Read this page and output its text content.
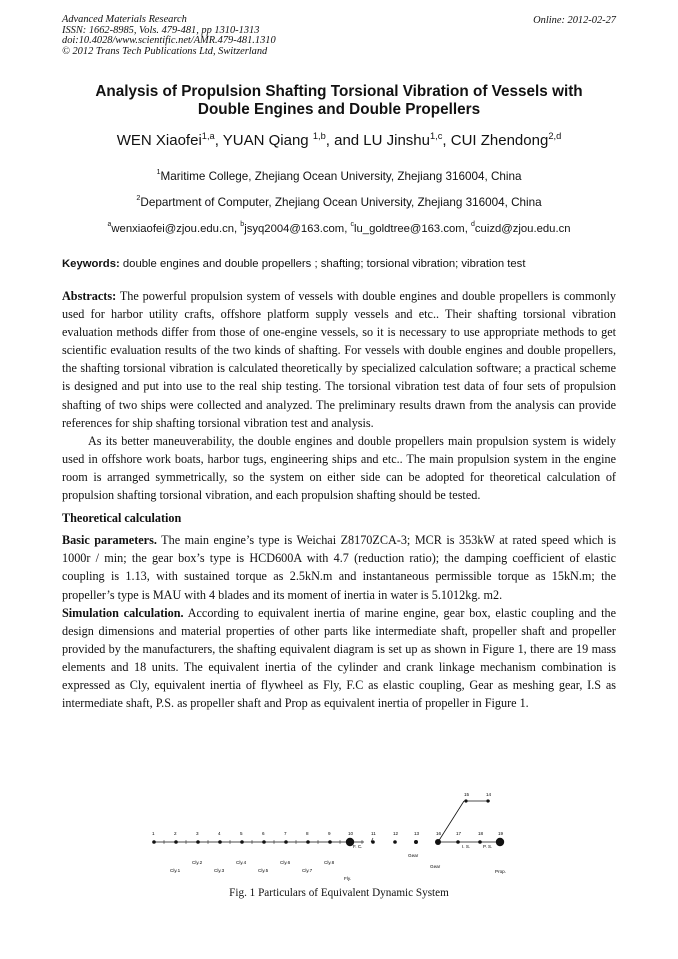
Advanced Materials Research
ISSN: 1662-8985, Vols. 479-481, pp 1310-1313
doi:10.4028/www.scientific.net/AMR.479-481.1310
© 2012 Trans Tech Publications Ltd, Switzerland
Online: 2012-02-27
Analysis of Propulsion Shafting Torsional Vibration of Vessels with
Double Engines and Double Propellers
WEN Xiaofei$^{1,a}$, YUAN Qiang $^{1,b}$, and LU Jinshu$^{1,c}$, CUI Zhendong$^{2,d}$
$^1$Maritime College, Zhejiang Ocean University, Zhejiang 316004, China
$^2$Department of Computer, Zhejiang Ocean University, Zhejiang 316004, China
$^a$wenxiaofei@zjou.edu.cn, $^b$jsyq2004@163.com, $^c$lu_goldtree@163.com, $^d$cuizd@zjou.edu.cn
Keywords: double engines and double propellers ; shafting; torsional vibration; vibration test

Abstracts: The powerful propulsion system of vessels with double engines and double propellers is commonly used for harbor utility crafts, offshore platform supply vessels and etc.. Their shafting torsional vibration evaluation methods differ from those of one-engine vessels, so it is necessary to use appropriate methods to get scientific evaluation results of the two kinds of shafting. For vessels with double engines and double propellers, the shafting torsional vibration is calculated theoretically by specialized calculation software; a practical scheme is designed and put into use to the real ship testing. The torsional vibration test data of four sets of propulsion shafting of two ships were collected and analyzed. The preliminary results drawn from the analysis can provide references for ship shafting torsional vibration test and analysis.

As its better maneuverability, the double engines and double propellers main propulsion system is widely used in offshore work boats, harbor tugs, engineering ships and etc.. The main propulsion system in the engine room is arranged symmetrically, so the system on either side can be adopted for theoretical calculation of propulsion shafting torsional vibration, and each propulsion shafting should be tested.

Theoretical calculation

Basic parameters. The main engine’s type is Weichai Z8170ZCA-3; MCR is 353kW at rated speed which is 1000r / min; the gear box’s type is HCD600A with 4.7 (reduction ratio); the damping coefficient of elastic coupling is 1.13, with sustained torque as 2.5kN.m and instantaneous permissible torque as 15kN.m; the propeller’s type is MAU with 4 blades and its moment of inertia in water is 5.1012kg. m2.

Simulation calculation. According to equivalent inertia of marine engine, gear box, elastic coupling and the design dimensions and material properties of other parts like intermediate shaft, propeller shaft and propeller provided by the manufacturers, the shafting equivalent diagram is set up as shown in Figure 1, there are 19 mass elements and 18 units. The equivalent inertia of the cylinder and crank linkage mechanism combination is expressed as Cly, equivalent inertia of flywheel as Fly, F.C as elastic coupling, Gear as meshing gear, I.S as intermediate shaft, P.S. as propeller shaft and Prop as equivalent inertia of propeller in Figure 1.

F. C.
Fly.
Gear
Gear
I. S.	P. S.
Prop.
Cly.1
Cly.2
Cly.3
Cly.4
Cly.5
Cly.6
Cly.7
Cly.8
1	2	3	4	5	6	7	8	9	10	11	12	13	16	17	18	19
15	14
Fig. 1 Particulars of Equivalent Dynamic System
